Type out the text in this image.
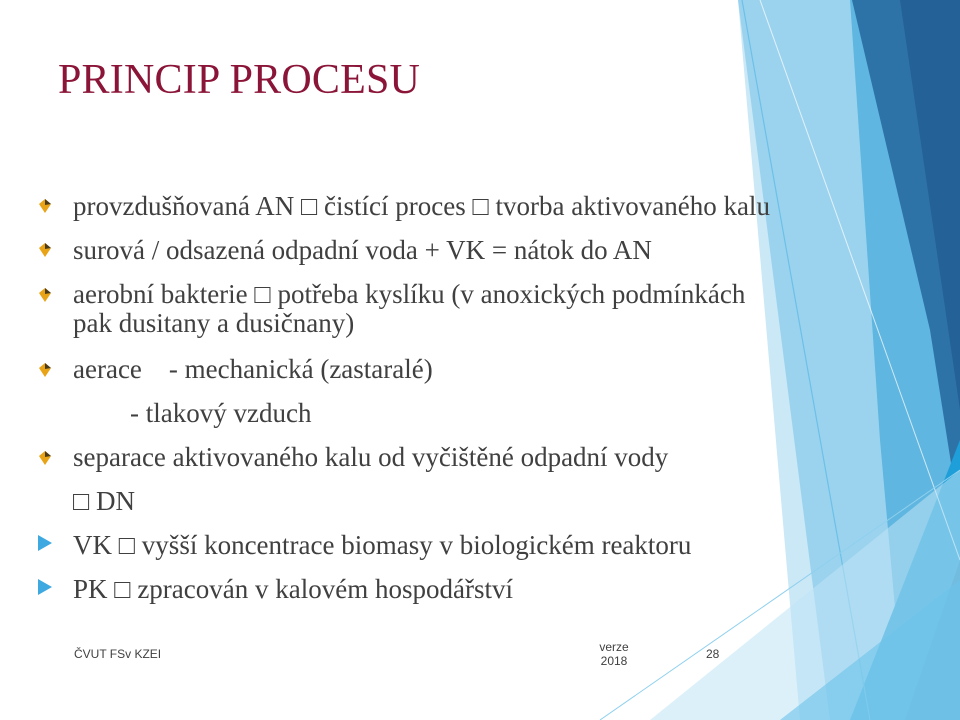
PRINCIP PROCESU
provzdušňovaná AN □ čistící proces □ tvorba aktivovaného kalu
surová / odsazená odpadní voda + VK = nátok do AN
aerobní bakterie □ potřeba kyslíku (v anoxických podmínkách
pak dusitany a dusičnany)
aerace    - mechanická (zastaralé)
- tlakový vzduch
separace aktivovaného kalu od vyčištěné odpadní vody
□ DN
VK □ vyšší koncentrace biomasy v biologickém reaktoru
PK □ zpracován v kalovém hospodářství
ČVUT FSv KZEI	verze
2018	28
